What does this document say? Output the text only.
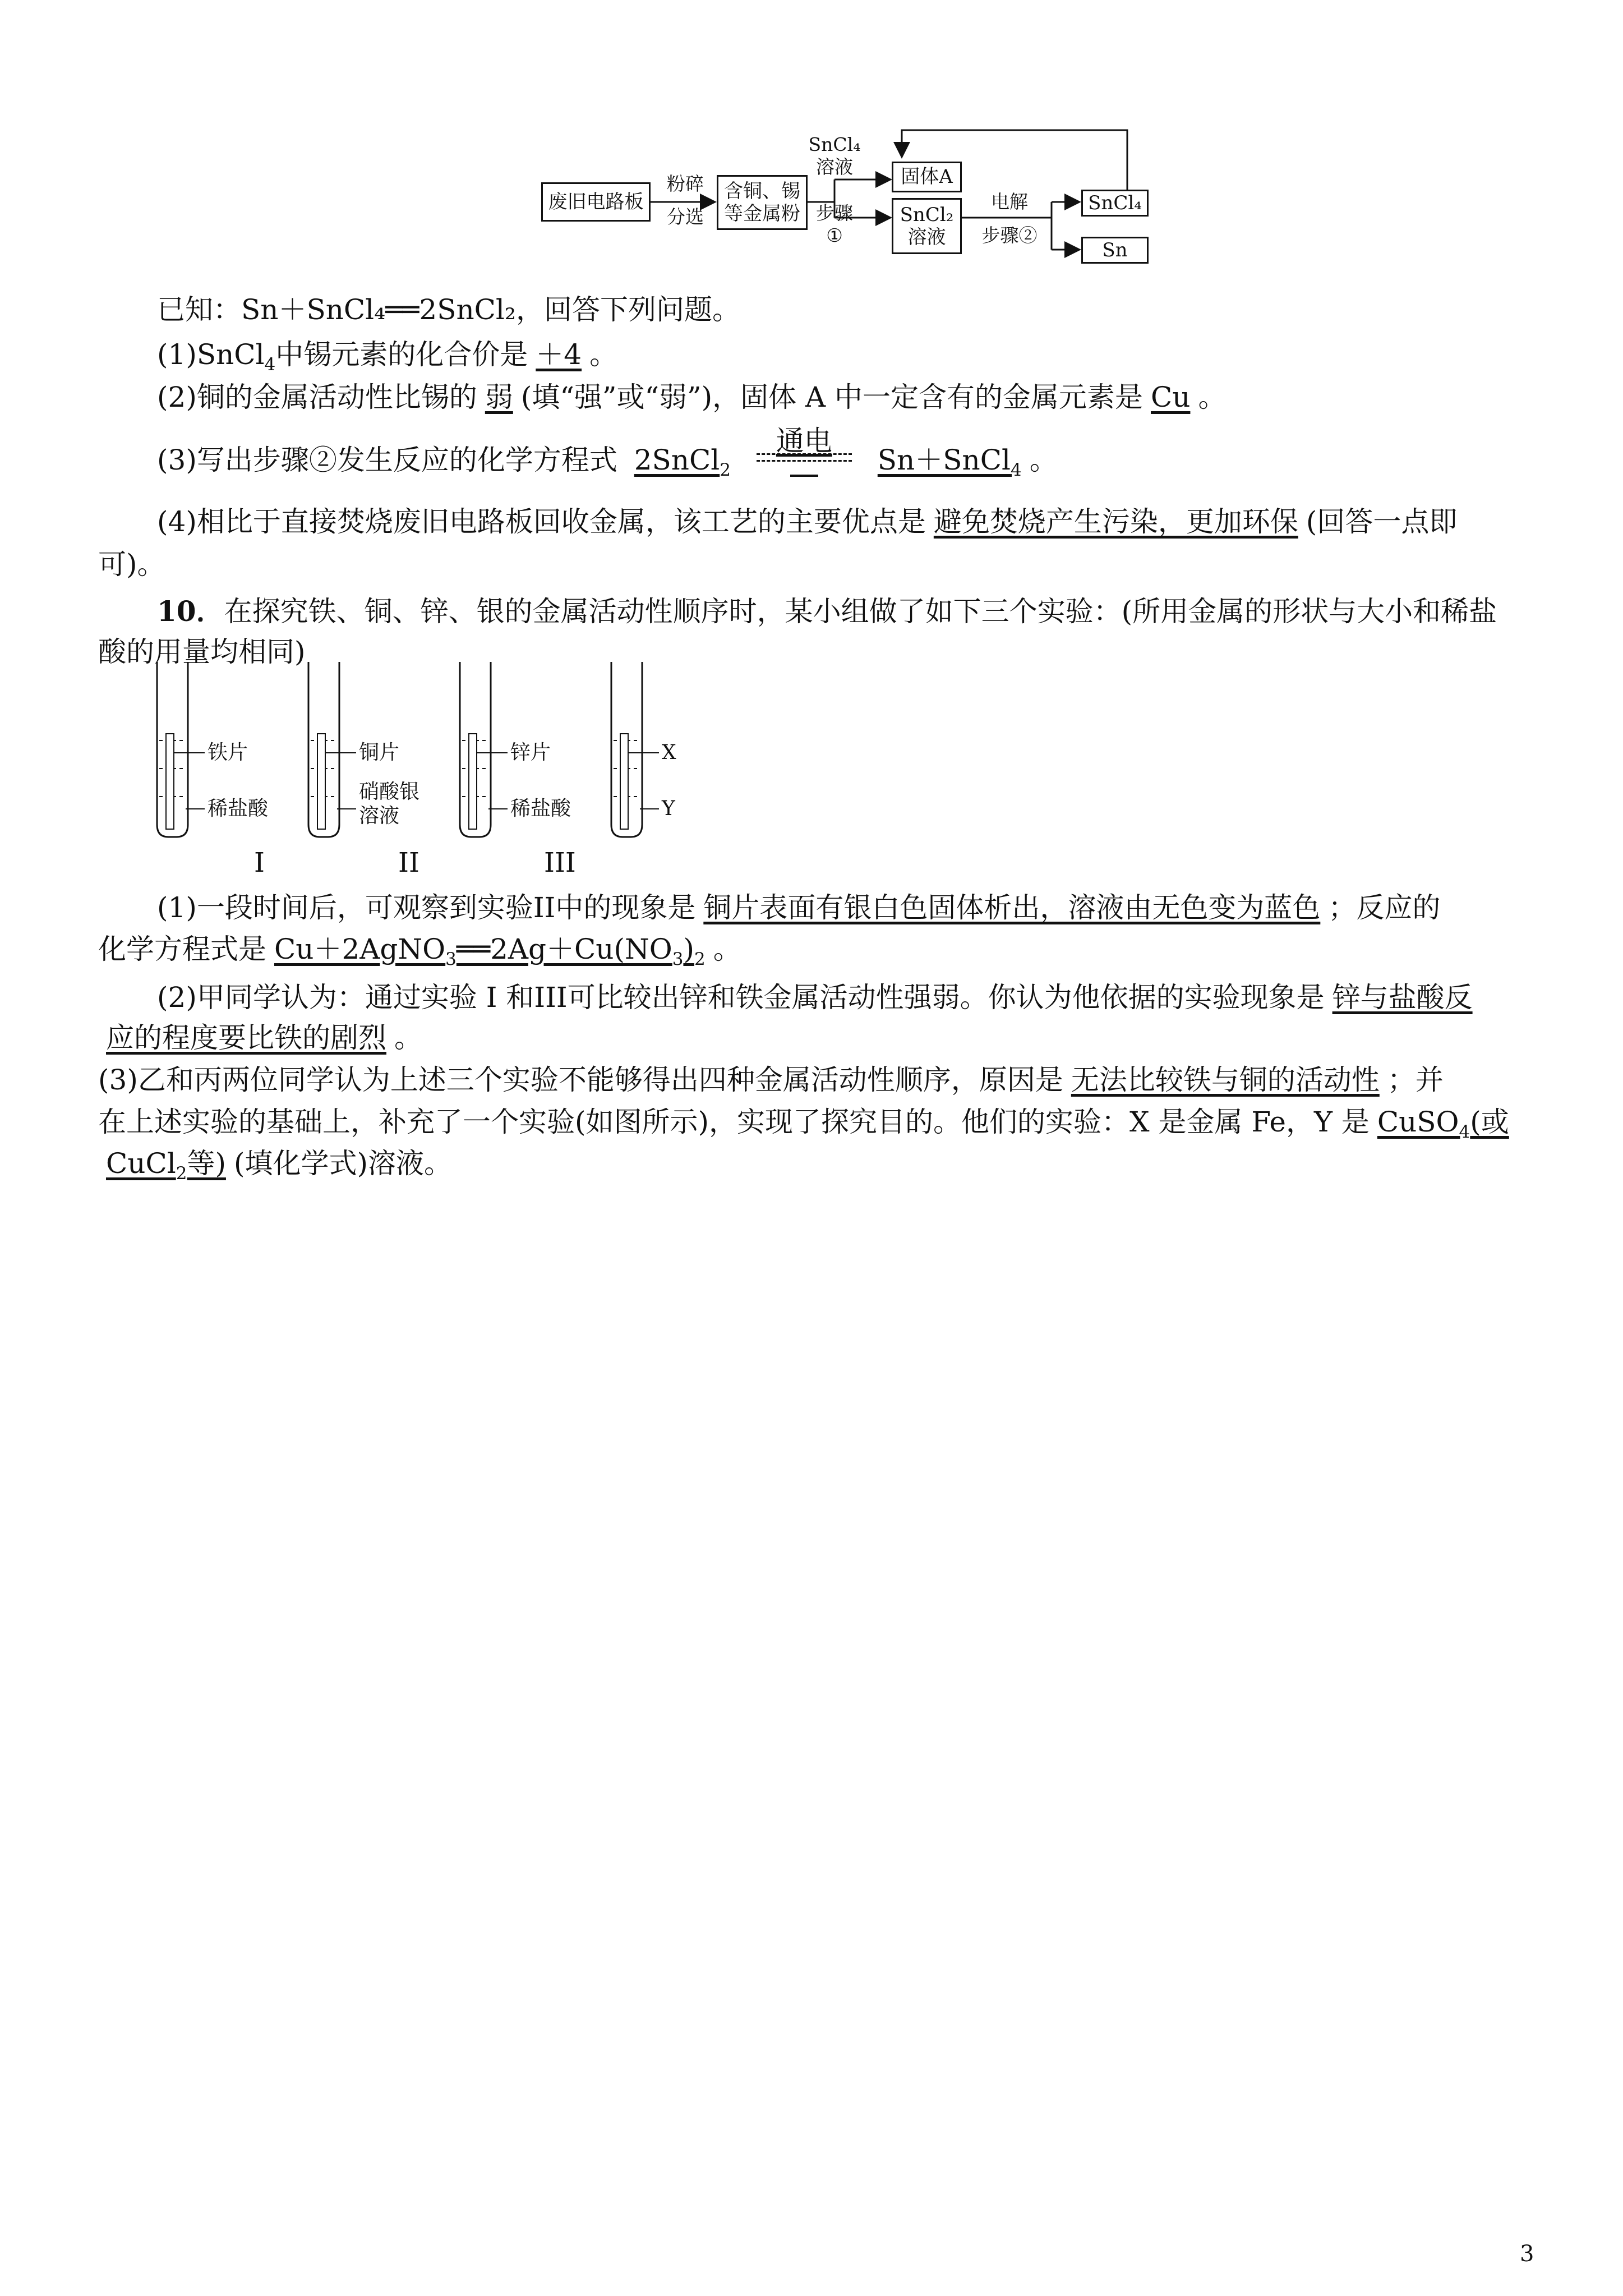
废旧电路板
粉碎
分选
含铜、锡
等金属粉
SnCl₄
溶液
步骤
①
固体A
SnCl₂
溶液
电解
步骤②
SnCl₄
Sn
已知：Sn＋SnCl₄══2SnCl₂，回答下列问题。
(1)SnCl$_4$中锡元素的化合价是 ＋4 。
(2)铜的金属活动性比锡的 弱 (填“强”或“弱”)，固体 A 中一定含有的金属元素是 Cu 。
(3)写出步骤②发生反应的化学方程式 2SnCl$_2$
通电
Sn＋SnCl$_4$ 。
(4)相比于直接焚烧废旧电路板回收金属，该工艺的主要优点是 避免焚烧产生污染，更加环保 (回答一点即
可)。
10．在探究铁、铜、锌、银的金属活动性顺序时，某小组做了如下三个实验：(所用金属的形状与大小和稀盐
酸的用量均相同)
铁片
稀盐酸
铜片
硝酸银
溶液
锌片
稀盐酸
X
Y
I	II	III
(1)一段时间后，可观察到实验II中的现象是 铜片表面有银白色固体析出，溶液由无色变为蓝色 ；反应的
化学方程式是 $Cu+2AgNO_3══2Ag+Cu(NO_3)_2$ 。
(2)甲同学认为：通过实验 I 和III可比较出锌和铁金属活动性强弱。你认为他依据的实验现象是 锌与盐酸反
应的程度要比铁的剧烈 。
(3)乙和丙两位同学认为上述三个实验不能够得出四种金属活动性顺序，原因是 无法比较铁与铜的活动性 ；并
在上述实验的基础上，补充了一个实验(如图所示)，实现了探究目的。他们的实验：X 是金属 Fe，Y 是 CuSO$_4$(或
CuCl$_2$等) (填化学式)溶液。
3
